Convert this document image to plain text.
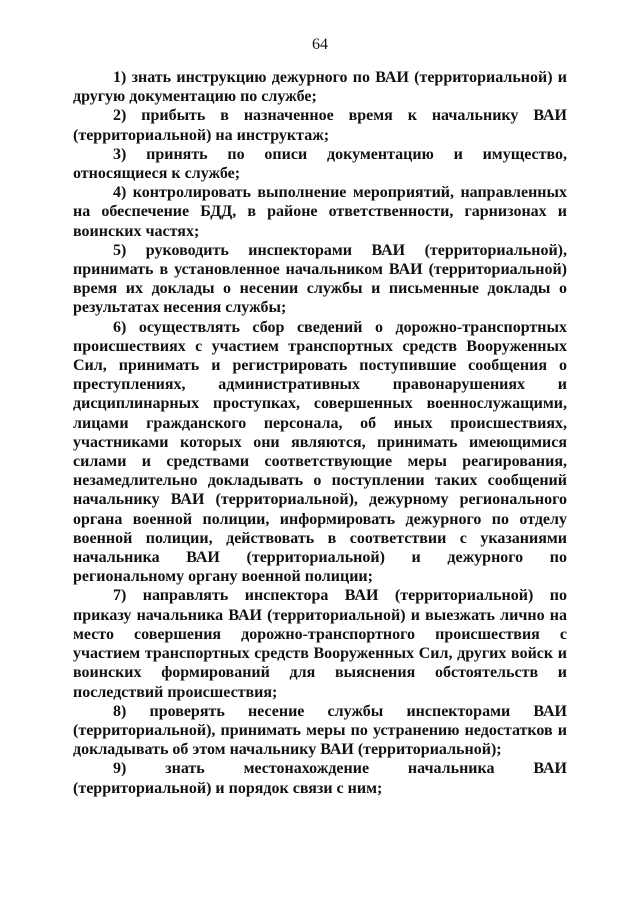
64

1) знать инструкцию дежурного по ВАИ (территориальной) и другую документацию по службе;

2) прибыть в назначенное время к начальнику ВАИ (территориальной) на инструктаж;

3) принять по описи документацию и имущество, относящиеся к службе;

4) контролировать выполнение мероприятий, направленных на обеспечение БДД, в районе ответственности, гарнизонах и воинских частях;

5) руководить инспекторами ВАИ (территориальной), принимать в установленное начальником ВАИ (территориальной) время их доклады о несении службы и письменные доклады о результатах несения службы;

6) осуществлять сбор сведений о дорожно-транспортных происшествиях с участием транспортных средств Вооруженных Сил, принимать и регистрировать поступившие сообщения о преступлениях, административных правонарушениях и дисциплинарных проступках, совершенных военнослужащими, лицами гражданского персонала, об иных происшествиях, участниками которых они являются, принимать имеющимися силами и средствами соответствующие меры реагирования, незамедлительно докладывать о поступлении таких сообщений начальнику ВАИ (территориальной), дежурному регионального органа военной полиции, информировать дежурного по отделу военной полиции, действовать в соответствии с указаниями начальника ВАИ (территориальной) и дежурного по региональному органу военной полиции;

7) направлять инспектора ВАИ (территориальной) по приказу начальника ВАИ (территориальной) и выезжать лично на место совершения дорожно-транспортного происшествия с участием транспортных средств Вооруженных Сил, других войск и воинских формирований для выяснения обстоятельств и последствий происшествия;

8) проверять несение службы инспекторами ВАИ (территориальной), принимать меры по устранению недостатков и докладывать об этом начальнику ВАИ (территориальной);

9) знать местонахождение начальника ВАИ (территориальной) и порядок связи с ним;
